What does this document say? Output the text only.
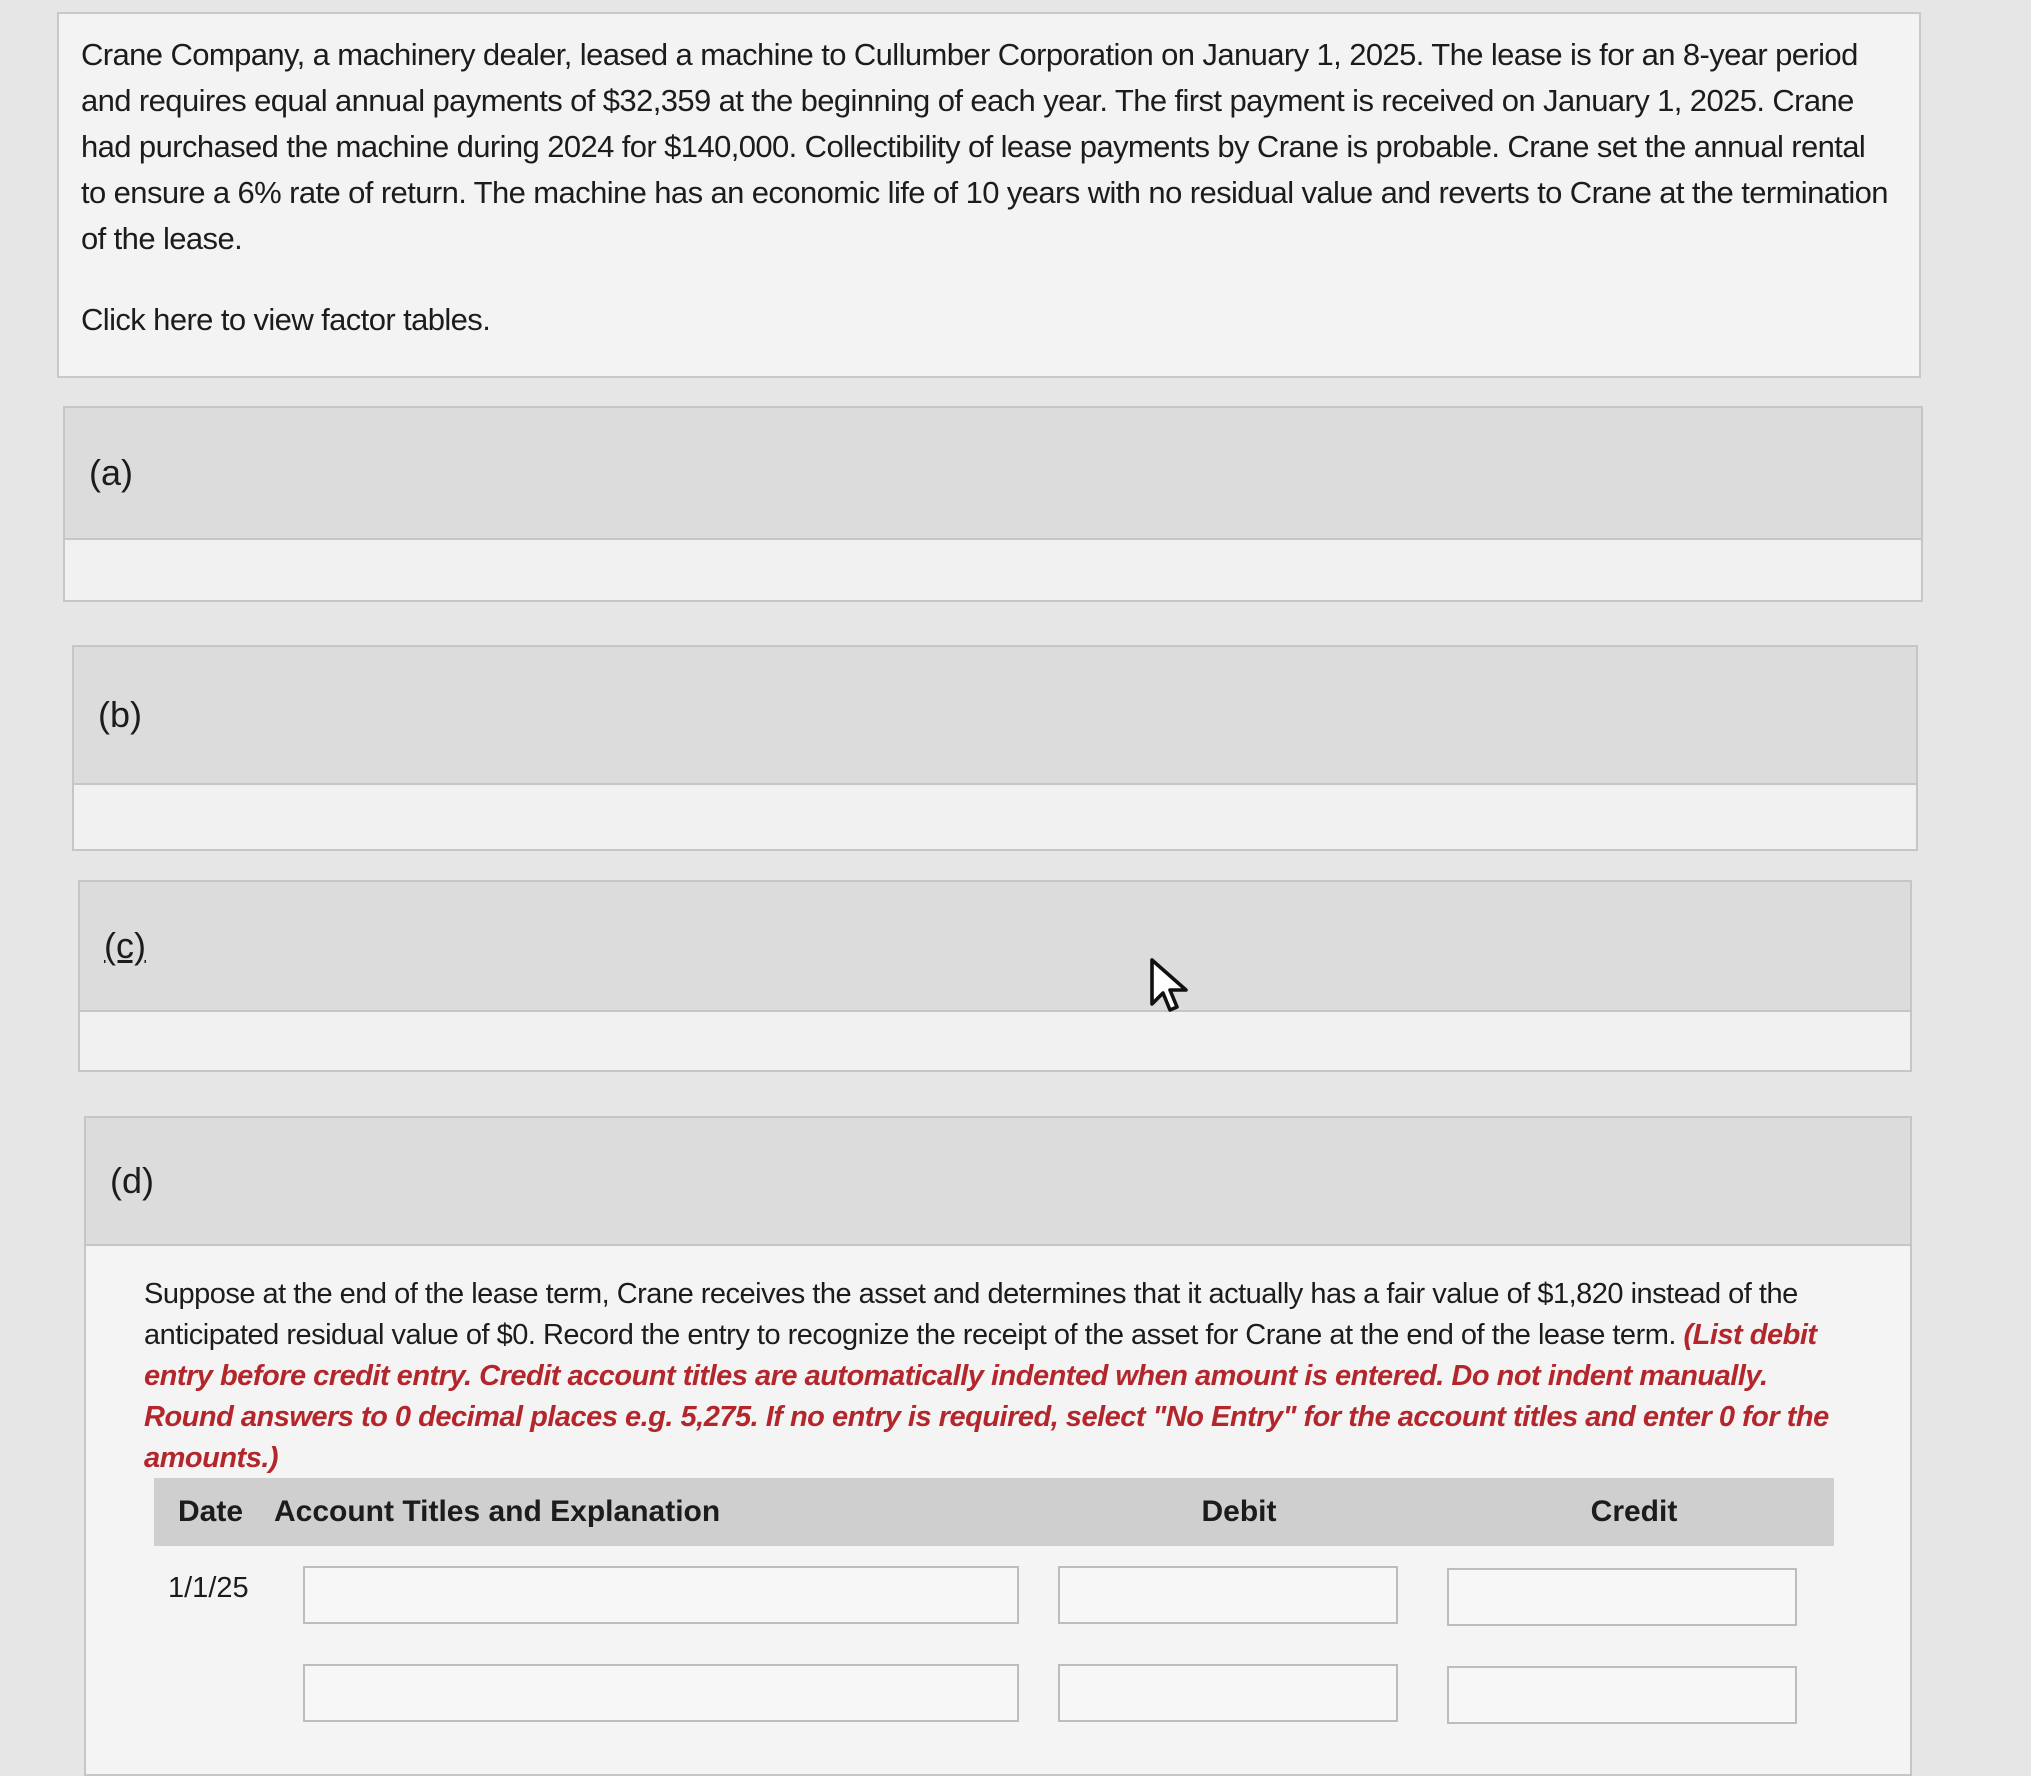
Crane Company, a machinery dealer, leased a machine to Cullumber Corporation on January 1, 2025. The lease is for an 8-year period and requires equal annual payments of $32,359 at the beginning of each year. The first payment is received on January 1, 2025. Crane had purchased the machine during 2024 for $140,000. Collectibility of lease payments by Crane is probable. Crane set the annual rental to ensure a 6% rate of return. The machine has an economic life of 10 years with no residual value and reverts to Crane at the termination of the lease.

Click here to view factor tables.
(a)
(b)
(c)
(d)

Suppose at the end of the lease term, Crane receives the asset and determines that it actually has a fair value of $1,820 instead of the anticipated residual value of $0. Record the entry to recognize the receipt of the asset for Crane at the end of the lease term. (List debit entry before credit entry. Credit account titles are automatically indented when amount is entered. Do not indent manually. Round answers to 0 decimal places e.g. 5,275. If no entry is required, select "No Entry" for the account titles and enter 0 for the amounts.)

Date	Account Titles and Explanation	Debit	Credit
1/1/25
